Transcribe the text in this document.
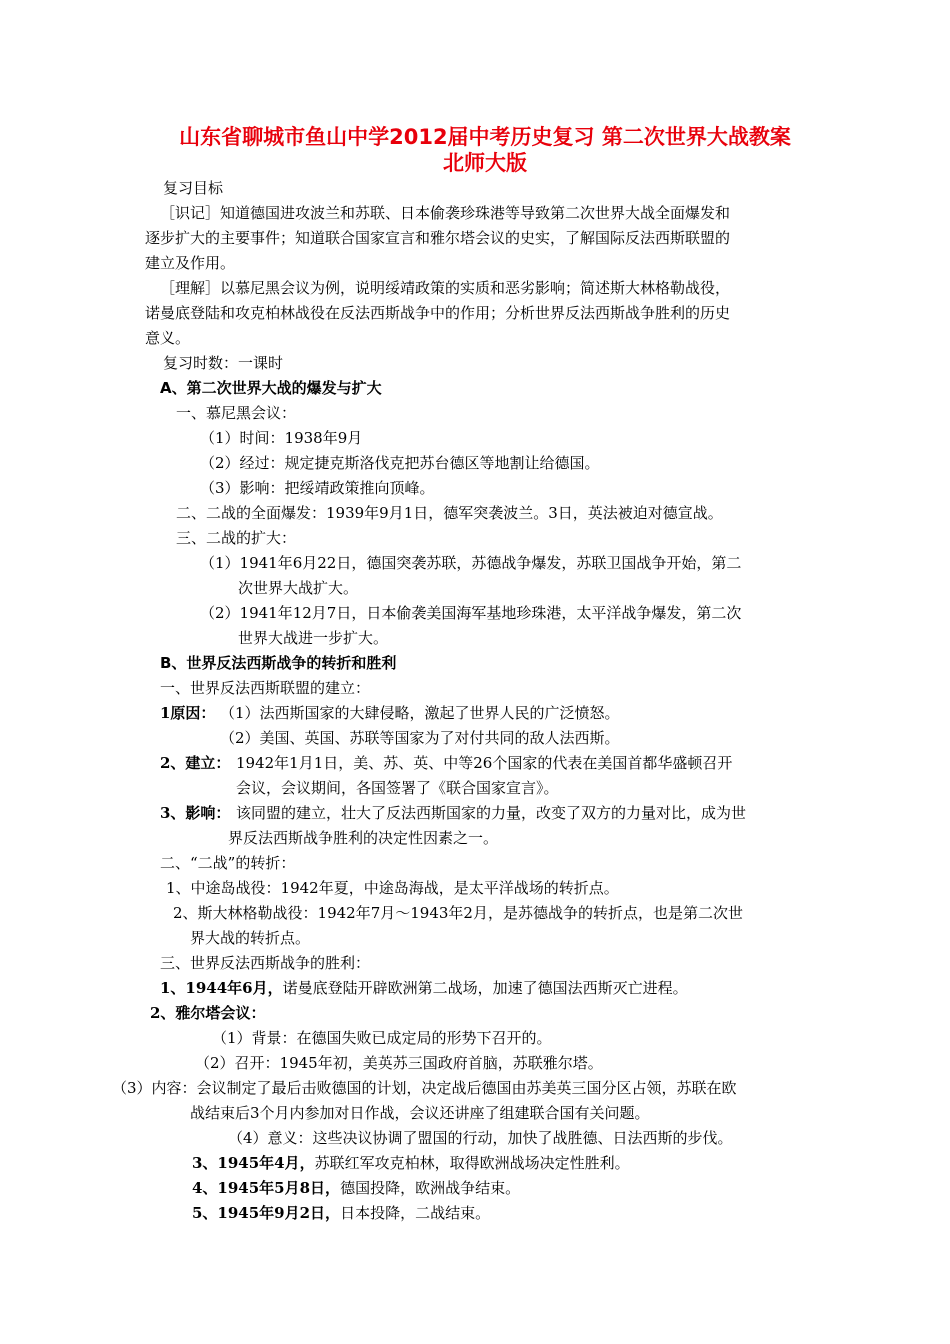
山东省聊城市鱼山中学2012届中考历史复习 第二次世界大战教案
北师大版
复习目标
［识记］知道德国进攻波兰和苏联、日本偷袭珍珠港等导致第二次世界大战全面爆发和
逐步扩大的主要事件；知道联合国家宣言和雅尔塔会议的史实，了解国际反法西斯联盟的
建立及作用。
［理解］以慕尼黑会议为例，说明绥靖政策的实质和恶劣影响；简述斯大林格勒战役，
诺曼底登陆和攻克柏林战役在反法西斯战争中的作用；分析世界反法西斯战争胜利的历史
意义。
复习时数：一课时
A、第二次世界大战的爆发与扩大
一、慕尼黑会议：
（1）时间：1938年9月
（2）经过：规定捷克斯洛伐克把苏台德区等地割让给德国。
（3）影响：把绥靖政策推向顶峰。
二、二战的全面爆发：1939年9月1日，德军突袭波兰。3日，英法被迫对德宣战。
三、二战的扩大：
（1）1941年6月22日，德国突袭苏联，苏德战争爆发，苏联卫国战争开始，第二
次世界大战扩大。
（2）1941年12月7日，日本偷袭美国海军基地珍珠港，太平洋战争爆发，第二次
世界大战进一步扩大。
B、世界反法西斯战争的转折和胜利
一、世界反法西斯联盟的建立：
1原因： （1）法西斯国家的大肆侵略，激起了世界人民的广泛愤怒。
（2）美国、英国、苏联等国家为了对付共同的敌人法西斯。
2、建立： 1942年1月1日，美、苏、英、中等26个国家的代表在美国首都华盛顿召开
会议，会议期间，各国签署了《联合国家宣言》。
3、影响： 该同盟的建立，壮大了反法西斯国家的力量，改变了双方的力量对比，成为世
界反法西斯战争胜利的决定性因素之一。
二、“二战”的转折：
1、中途岛战役：1942年夏，中途岛海战，是太平洋战场的转折点。
2、斯大林格勒战役：1942年7月～1943年2月，是苏德战争的转折点，也是第二次世
界大战的转折点。
三、世界反法西斯战争的胜利：
1、1944年6月，诺曼底登陆开辟欧洲第二战场，加速了德国法西斯灭亡进程。
2、雅尔塔会议：
（1）背景：在德国失败已成定局的形势下召开的。
（2）召开：1945年初，美英苏三国政府首脑，苏联雅尔塔。
（3）内容：会议制定了最后击败德国的计划，决定战后德国由苏美英三国分区占领，苏联在欧
战结束后3个月内参加对日作战，会议还讲座了组建联合国有关问题。
（4）意义：这些决议协调了盟国的行动，加快了战胜德、日法西斯的步伐。
3、1945年4月，苏联红军攻克柏林，取得欧洲战场决定性胜利。
4、1945年5月8日，德国投降，欧洲战争结束。
5、1945年9月2日，日本投降，二战结束。
